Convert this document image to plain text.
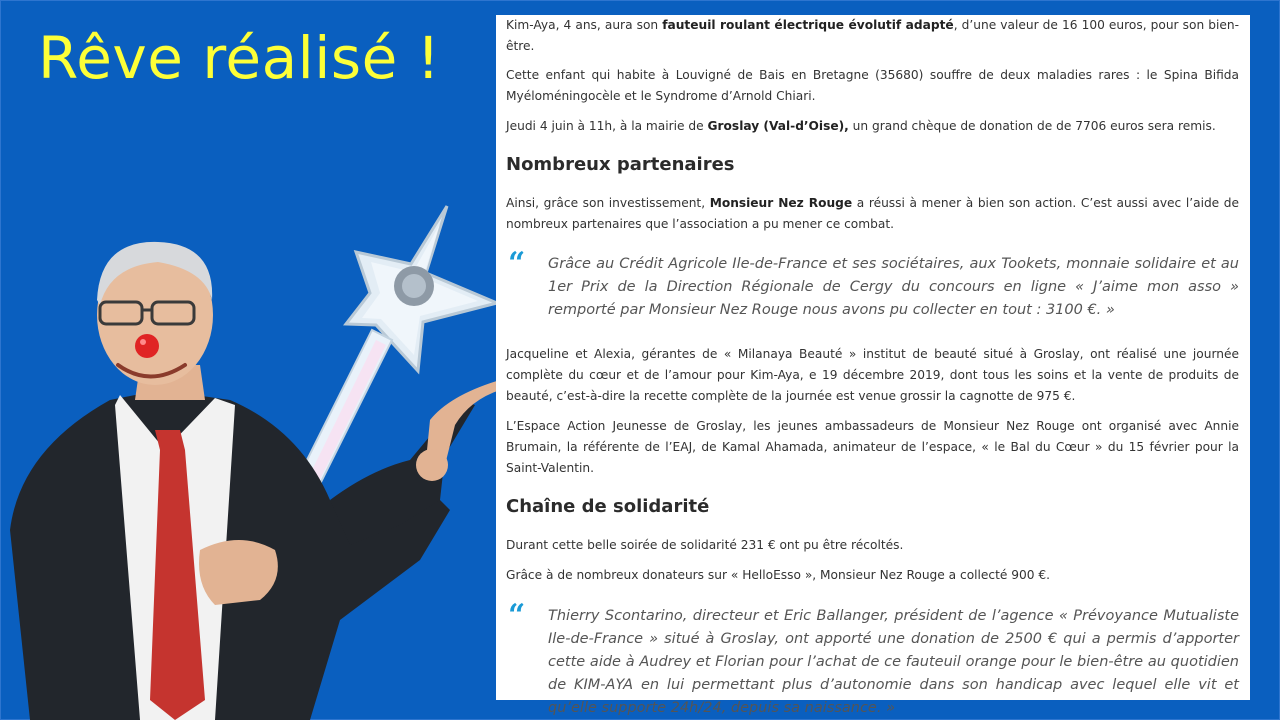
Rêve réalisé !	Kim-Aya, 4 ans, aura son fauteuil roulant électrique évolutif adapté, d’une valeur de 16 100 euros, pour son bien-être.

Cette enfant qui habite à Louvigné de Bais en Bretagne (35680) souffre de deux maladies rares : le Spina Bifida Myéloméningocèle et le Syndrome d’Arnold Chiari.

Jeudi 4 juin à 11h, à la mairie de Groslay (Val-d’Oise), un grand chèque de donation de de 7706 euros sera remis.

Nombreux partenaires

Ainsi, grâce son investissement, Monsieur Nez Rouge a réussi à mener à bien son action. C’est aussi avec l’aide de nombreux partenaires que l’association a pu mener ce combat.

“ Grâce au Crédit Agricole Ile-de-France et ses sociétaires, aux Tookets, monnaie solidaire et au 1er Prix de la Direction Régionale de Cergy du concours en ligne « J’aime mon asso » remporté par Monsieur Nez Rouge nous avons pu collecter en tout : 3100 €. »

Jacqueline et Alexia, gérantes de « Milanaya Beauté » institut de beauté situé à Groslay, ont réalisé une journée complète du cœur et de l’amour pour Kim-Aya, e 19 décembre 2019, dont tous les soins et la vente de produits de beauté, c’est-à-dire la recette complète de la journée est venue grossir la cagnotte de 975 €.

L’Espace Action Jeunesse de Groslay, les jeunes ambassadeurs de Monsieur Nez Rouge ont organisé avec Annie Brumain, la référente de l’EAJ, de Kamal Ahamada, animateur de l’espace, « le Bal du Cœur » du 15 février pour la Saint-Valentin.

Chaîne de solidarité

Durant cette belle soirée de solidarité 231 € ont pu être récoltés.

Grâce à de nombreux donateurs sur « HelloEsso », Monsieur Nez Rouge a collecté 900 €.

“ Thierry Scontarino, directeur et Eric Ballanger, président de l’agence « Prévoyance Mutualiste Ile-de-France » situé à Groslay, ont apporté une donation de 2500 € qui a permis d’apporter cette aide à Audrey et Florian pour l’achat de ce fauteuil orange pour le bien-être au quotidien de KIM-AYA en lui permettant plus d’autonomie dans son handicap avec lequel elle vit et qu’elle supporte 24h/24, depuis sa naissance. »
